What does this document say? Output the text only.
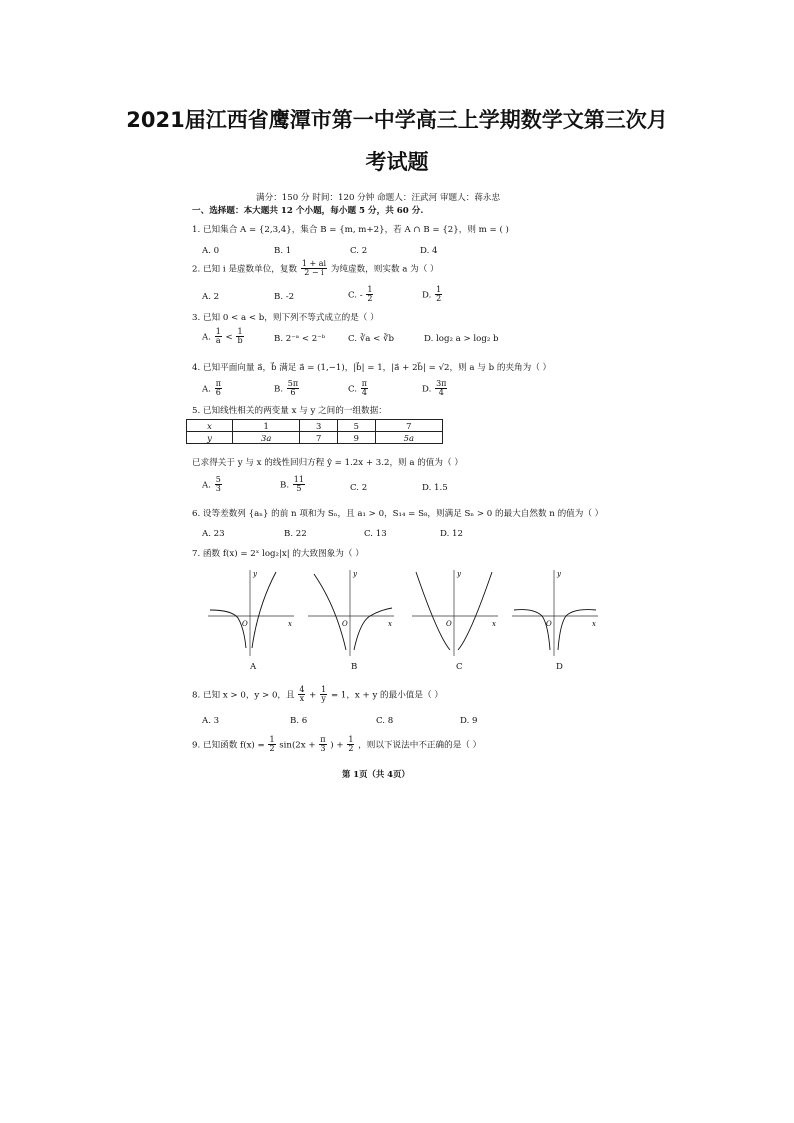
2021届江西省鹰潭市第一中学高三上学期数学文第三次月
考试题
满分：150 分 时间：120 分钟 命题人：汪武河 审题人：蒋永忠
一、选择题：本大题共 12 个小题，每小题 5 分，共 60 分.
1. 已知集合 A = {2,3,4}，集合 B = {m, m+2}，若 A ∩ B = {2}，则 m = ( )
A. 0	B. 1	C. 2	D. 4
2. 已知 i 是虚数单位，复数 $\frac{1 + ai}{2 - i}$ 为纯虚数，则实数 a 为（ ）
A. 2	B. -2	C. - $\frac{1}{2}$	D. $\frac{1}{2}$
3. 已知 0 < a < b，则下列不等式成立的是（ ）
A. $\frac{1}{a} < \frac{1}{b}$	B. 2⁻ᵃ < 2⁻ᵇ	C. ∛a < ∛b	D. log₂ a > log₂ b
4. 已知平面向量 a⃗，b⃗ 满足 a⃗ = (1,−1)，|b⃗| = 1，|a⃗ + 2b⃗| = √2，则 a 与 b 的夹角为（ ）
A. $\frac{\pi}{6}$	B. $\frac{5\pi}{6}$	C. $\frac{\pi}{4}$	D. $\frac{3\pi}{4}$
5. 已知线性相关的两变量 x 与 y 之间的一组数据：
x	1	3	5	7
y	3a	7	9	5a
已求得关于 y 与 x 的线性回归方程 ŷ = 1.2x + 3.2，则 a 的值为（ ）
A. $\frac{5}{3}$	B. $\frac{11}{5}$	C. 2	D. 1.5
6. 设等差数列 {aₙ} 的前 n 项和为 Sₙ，且 a₁ > 0，S₁₄ = S₈，则满足 Sₙ > 0 的最大自然数 n 的值为（ ）
A. 23	B. 22	C. 13	D. 12
7. 函数 f(x) = 2ˣ log₂|x| 的大致图象为（ ）
y
x
O
y
x
O
y
x
O
y
x
O
A	B	C	D
8. 已知 x > 0，y > 0，且 $\frac{4}{x} + \frac{1}{y} = 1$，x + y 的最小值是（ ）
A. 3	B. 6	C. 8	D. 9
9. 已知函数 $f(x) = \frac{1}{2} \sin(2x + \frac{\pi}{3}$ ) + $\frac{1}{2}$ ，则以下说法中不正确的是（ ）
第 1页（共 4页）
